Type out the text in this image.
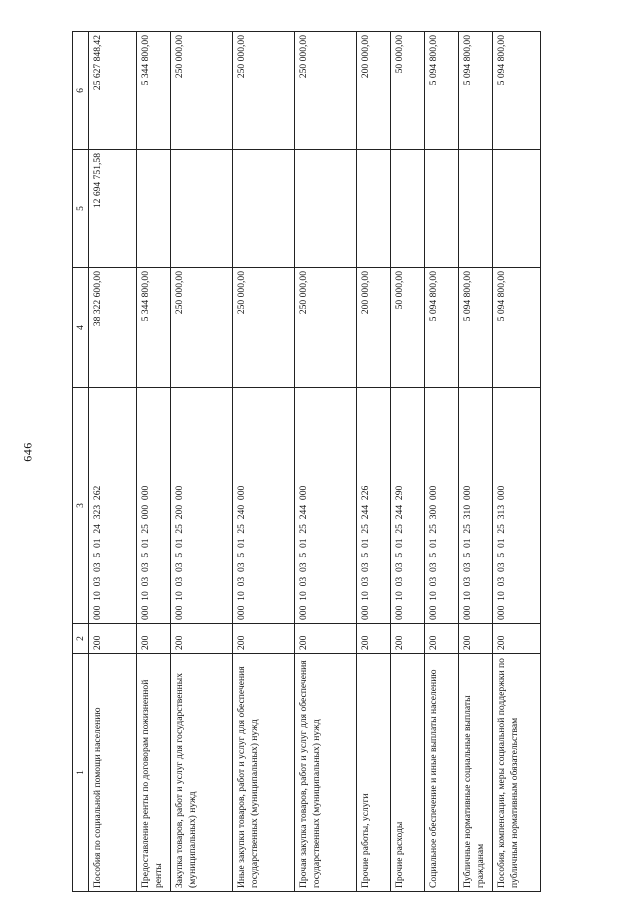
646
1	2	3	4	5	6
Пособия по социальной помощи населению	200	000  10  03  03  5  01  24  323  262	38 322 600,00	12 694 751,58	25 627 848,42
Предоставление ренты по договорам пожизненной ренты	200	000  10  03  03  5  01  25  000  000	5 344 800,00		5 344 800,00
Закупка товаров, работ и услуг для государственных (муниципальных) нужд	200	000  10  03  03  5  01  25  200  000	250 000,00		250 000,00
Иные закупки товаров, работ и услуг для обеспечения государственных (муниципальных) нужд	200	000  10  03  03  5  01  25  240  000	250 000,00		250 000,00
Прочая закупка товаров, работ и услуг для обеспечения государственных (муниципальных) нужд	200	000  10  03  03  5  01  25  244  000	250 000,00		250 000,00
Прочие работы, услуги	200	000  10  03  03  5  01  25  244  226	200 000,00		200 000,00
Прочие расходы	200	000  10  03  03  5  01  25  244  290	50 000,00		50 000,00
Социальное обеспечение и иные выплаты населению	200	000  10  03  03  5  01  25  300  000	5 094 800,00		5 094 800,00
Публичные нормативные социальные выплаты гражданам	200	000  10  03  03  5  01  25  310  000	5 094 800,00		5 094 800,00
Пособия, компенсации, меры социальной поддержки по публичным нормативным обязательствам	200	000  10  03  03  5  01  25  313  000	5 094 800,00		5 094 800,00
